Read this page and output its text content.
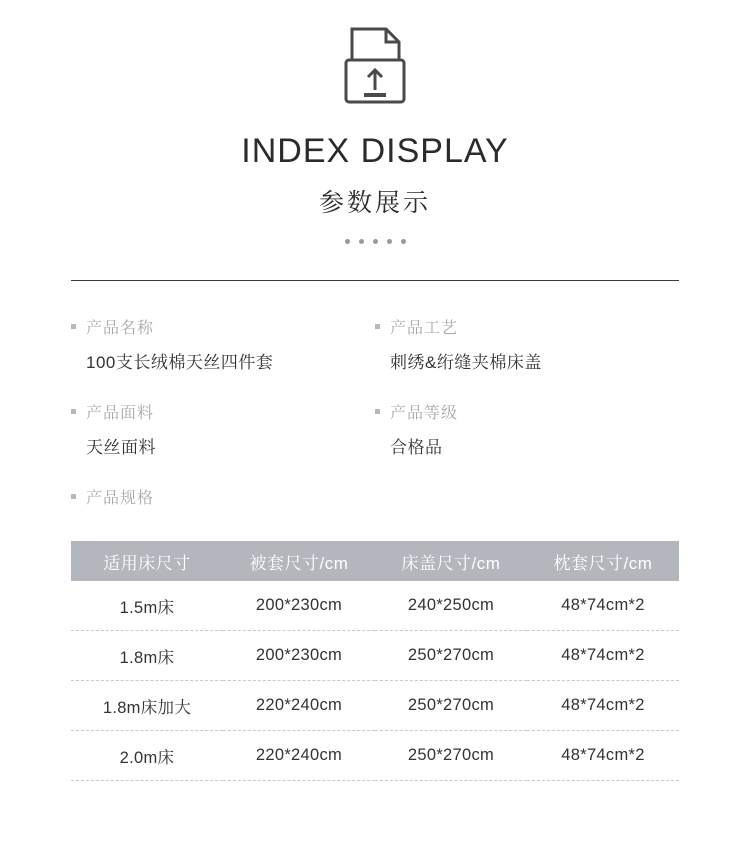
INDEX DISPLAY
参数展示
产品名称
100支长绒棉天丝四件套
产品工艺
刺绣&绗缝夹棉床盖
产品面料
天丝面料
产品等级
合格品
产品规格
适用床尺寸	被套尺寸/cm	床盖尺寸/cm	枕套尺寸/cm
1.5m床	200*230cm	240*250cm	48*74cm*2
1.8m床	200*230cm	250*270cm	48*74cm*2
1.8m床加大	220*240cm	250*270cm	48*74cm*2
2.0m床	220*240cm	250*270cm	48*74cm*2
